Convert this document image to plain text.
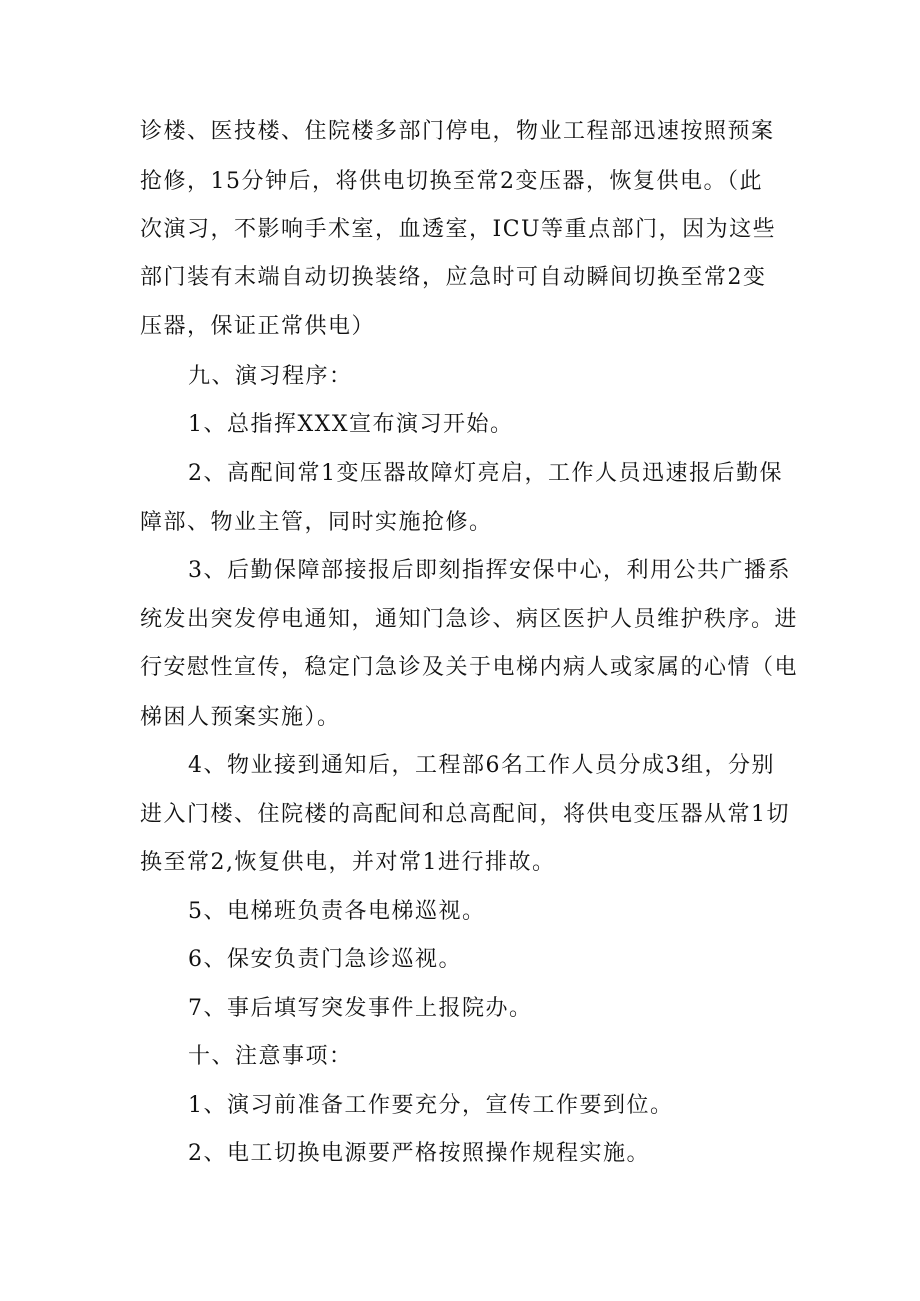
诊楼、医技楼、住院楼多部门停电，物业工程部迅速按照预案
抢修，15分钟后，将供电切换至常2变压器，恢复供电。（此
次演习，不影响手术室，血透室，ICU等重点部门，因为这些
部门装有末端自动切换装络，应急时可自动瞬间切换至常2变
压器，保证正常供电）
九、演习程序：
1、总指挥XXX宣布演习开始。
2、高配间常1变压器故障灯亮启，工作人员迅速报后勤保
障部、物业主管，同时实施抢修。
3、后勤保障部接报后即刻指挥安保中心，利用公共广播系
统发出突发停电通知，通知门急诊、病区医护人员维护秩序。进
行安慰性宣传，稳定门急诊及关于电梯内病人或家属的心情（电
梯困人预案实施）。
4、物业接到通知后，工程部6名工作人员分成3组，分别
进入门楼、住院楼的高配间和总高配间，将供电变压器从常1切
换至常2,恢复供电，并对常1进行排故。
5、电梯班负责各电梯巡视。
6、保安负责门急诊巡视。
7、事后填写突发事件上报院办。
十、注意事项：
1、演习前准备工作要充分，宣传工作要到位。
2、电工切换电源要严格按照操作规程实施。
